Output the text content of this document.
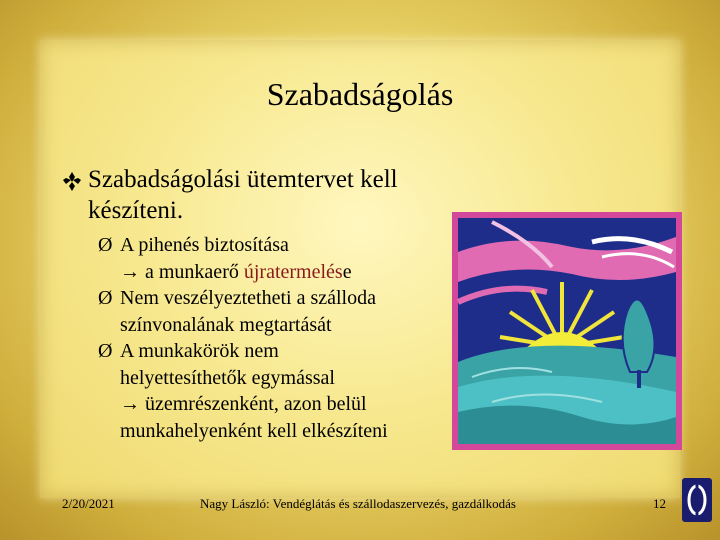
Szabadságolás
Szabadságolási ütemtervet kell
készíteni.
Ø A pihenés biztosítása
→ a munkaerő újratermelése
Ø Nem veszélyeztetheti a szálloda
színvonalának megtartását
Ø A munkakörök nem
helyettesíthetők egymással
→ üzemrészenként, azon belül
munkahelyenként kell elkészíteni
2/20/2021	Nagy László: Vendéglátás és szállodaszervezés, gazdálkodás	12
